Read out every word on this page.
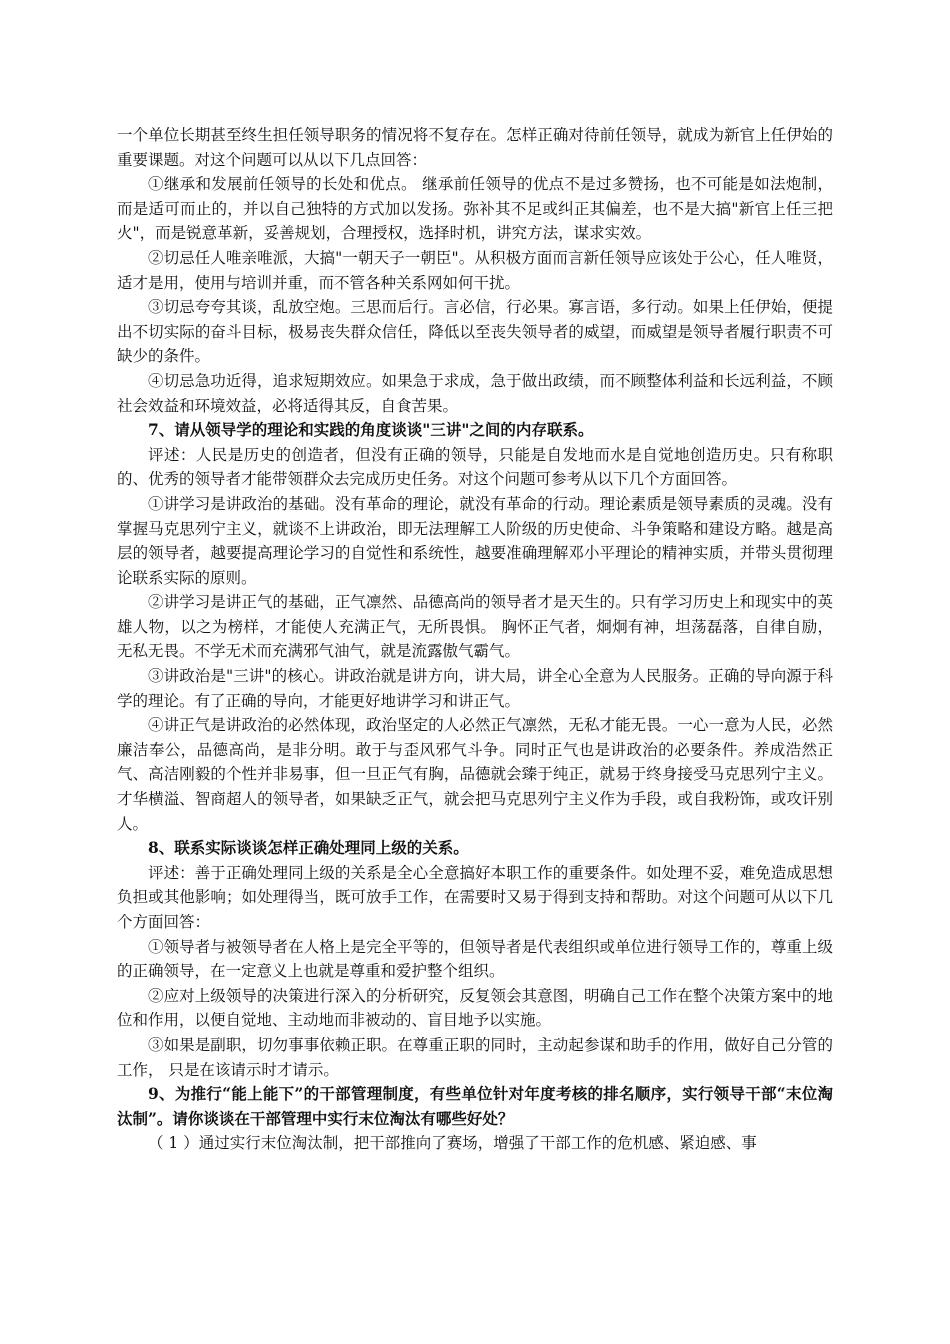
一个单位长期甚至终生担任领导职务的情况将不复存在。怎样正确对待前任领导，就成为新官上任伊始的重要课题。对这个问题可以从以下几点回答：

①继承和发展前任领导的长处和优点。 继承前任领导的优点不是过多赞扬，也不可能是如法炮制，而是适可而止的，并以自己独特的方式加以发扬。弥补其不足或纠正其偏差，也不是大搞"新官上任三把火"，而是锐意革新，妥善规划，合理授权，选择时机，讲究方法，谋求实效。

②切忌任人唯亲唯派，大搞"一朝天子一朝臣"。从积极方面而言新任领导应该处于公心，任人唯贤，适才是用，使用与培训并重，而不管各种关系网如何干扰。

③切忌夸夸其谈，乱放空炮。三思而后行。言必信，行必果。寡言语，多行动。如果上任伊始，便提出不切实际的奋斗目标，极易丧失群众信任，降低以至丧失领导者的威望，而威望是领导者履行职责不可缺少的条件。

④切忌急功近得，追求短期效应。如果急于求成，急于做出政绩，而不顾整体利益和长远利益，不顾社会效益和环境效益，必将适得其反，自食苦果。

7、请从领导学的理论和实践的角度谈谈"三讲"之间的内存联系。

评述：人民是历史的创造者，但没有正确的领导，只能是自发地而水是自觉地创造历史。只有称职的、优秀的领导者才能带领群众去完成历史任务。对这个问题可参考从以下几个方面回答。

①讲学习是讲政治的基础。没有革命的理论，就没有革命的行动。理论素质是领导素质的灵魂。没有掌握马克思列宁主义，就谈不上讲政治，即无法理解工人阶级的历史使命、斗争策略和建设方略。越是高层的领导者，越要提高理论学习的自觉性和系统性，越要准确理解邓小平理论的精神实质，并带头贯彻理论联系实际的原则。

②讲学习是讲正气的基础，正气凛然、品德高尚的领导者才是天生的。只有学习历史上和现实中的英雄人物，以之为榜样，才能使人充满正气，无所畏惧。 胸怀正气者，炯炯有神，坦荡磊落，自律自励，无私无畏。不学无术而充满邪气油气，就是流露傲气霸气。

③讲政治是"三讲"的核心。讲政治就是讲方向，讲大局，讲全心全意为人民服务。正确的导向源于科学的理论。有了正确的导向，才能更好地讲学习和讲正气。

④讲正气是讲政治的必然体现，政治坚定的人必然正气凛然，无私才能无畏。一心一意为人民，必然廉洁奉公，品德高尚，是非分明。敢于与歪风邪气斗争。同时正气也是讲政治的必要条件。养成浩然正气、高洁刚毅的个性并非易事，但一旦正气有胸，品德就会臻于纯正，就易于终身接受马克思列宁主义。才华横溢、智商超人的领导者，如果缺乏正气，就会把马克思列宁主义作为手段，或自我粉饰，或攻讦别人。

8、联系实际谈谈怎样正确处理同上级的关系。

评述：善于正确处理同上级的关系是全心全意搞好本职工作的重要条件。如处理不妥，难免造成思想负担或其他影响；如处理得当，既可放手工作，在需要时又易于得到支持和帮助。对这个问题可从以下几个方面回答：

①领导者与被领导者在人格上是完全平等的，但领导者是代表组织或单位进行领导工作的，尊重上级的正确领导，在一定意义上也就是尊重和爱护整个组织。

②应对上级领导的决策进行深入的分析研究，反复领会其意图，明确自己工作在整个决策方案中的地位和作用，以便自觉地、主动地而非被动的、盲目地予以实施。

③如果是副职，切勿事事依赖正职。在尊重正职的同时，主动起参谋和助手的作用，做好自己分管的工作， 只是在该请示时才请示。

9、为推行“能上能下”的干部管理制度，有些单位针对年度考核的排名顺序，实行领导干部“末位淘汰制”。请你谈谈在干部管理中实行末位淘汰有哪些好处？

（ 1 ）通过实行末位淘汰制，把干部推向了赛场，增强了干部工作的危机感、紧迫感、事
